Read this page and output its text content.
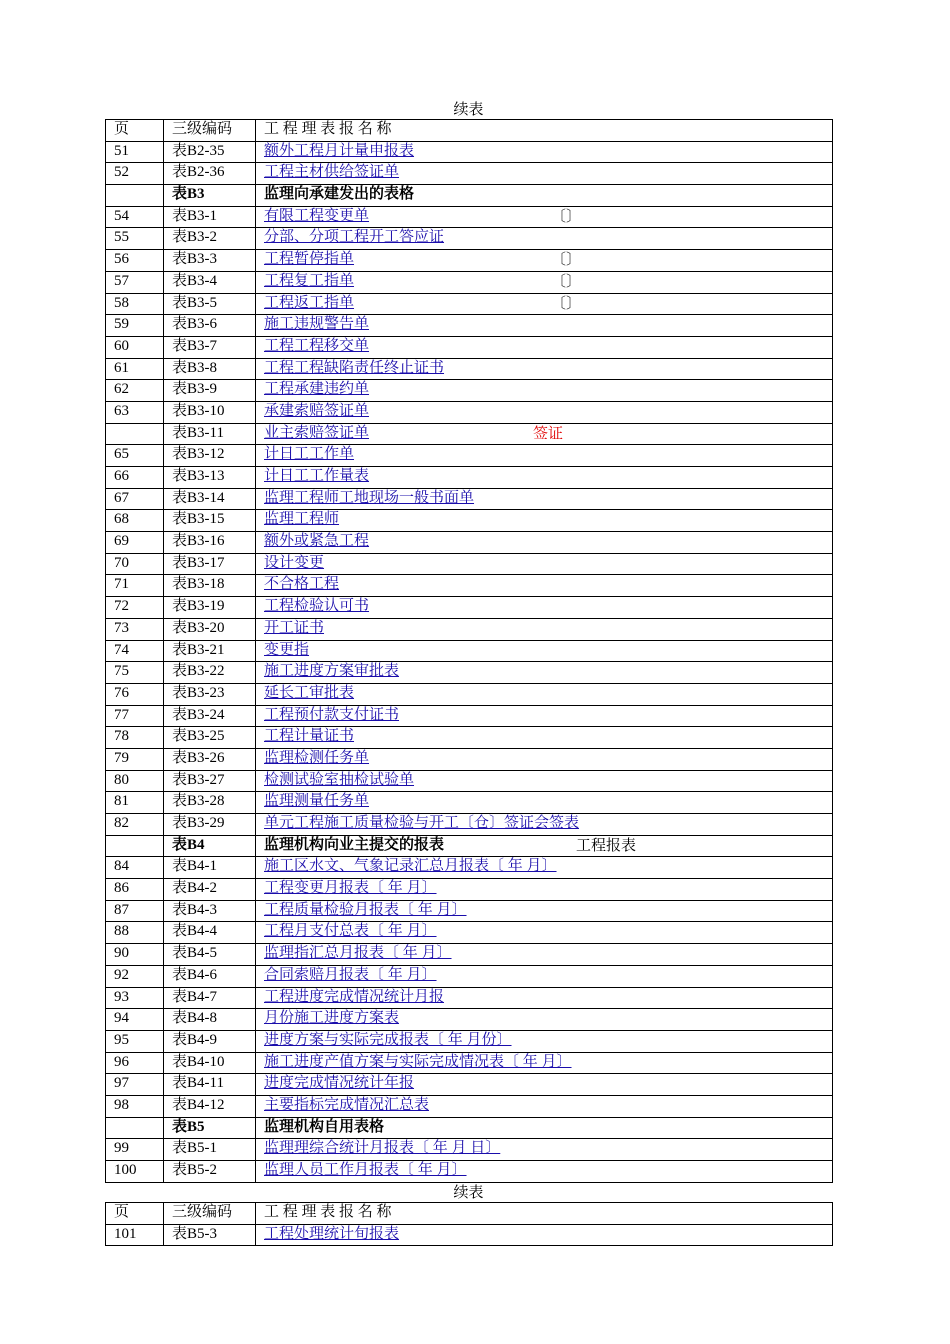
续表
页	三级编码	工 程 理 表 报 名 称
51	表B2-35	额外工程月计量申报表
52	表B2-36	工程主材供给签证单
	表B3	监理向承建发出的表格
54	表B3-1	有限工程变更单 〔〕

55	表B3-2	分部、分项工程开工答应证
56	表B3-3	工程暂停指单 〔〕

57	表B3-4	工程复工指单 〔〕

58	表B3-5	工程返工指单 〔〕

59	表B3-6	施工违规警告单
60	表B3-7	工程工程移交单
61	表B3-8	工程工程缺陷责任终止证书
62	表B3-9	工程承建违约单
63	表B3-10	承建索赔签证单
	表B3-11	业主索赔签证单 签证

65	表B3-12	计日工工作单
66	表B3-13	计日工工作量表
67	表B3-14	监理工程师工地现场一般书面单
68	表B3-15	监理工程师
69	表B3-16	额外或紧急工程
70	表B3-17	设计变更
71	表B3-18	不合格工程
72	表B3-19	工程检验认可书
73	表B3-20	开工证书
74	表B3-21	变更指
75	表B3-22	施工进度方案审批表
76	表B3-23	延长工审批表
77	表B3-24	工程预付款支付证书
78	表B3-25	工程计量证书
79	表B3-26	监理检测任务单
80	表B3-27	检测试验室抽检试验单
81	表B3-28	监理测量任务单
82	表B3-29	单元工程施工质量检验与开工〔仓〕签证会签表
	表B4	监理机构向业主提交的报表 工程报表

84	表B4-1	施工区水文、气象记录汇总月报表〔 年 月〕
86	表B4-2	工程变更月报表〔 年 月〕
87	表B4-3	工程质量检验月报表〔 年 月〕
88	表B4-4	工程月支付总表〔 年 月〕
90	表B4-5	监理指汇总月报表〔 年 月〕
92	表B4-6	合同索赔月报表〔 年 月〕
93	表B4-7	工程进度完成情况统计月报
94	表B4-8	月份施工进度方案表
95	表B4-9	进度方案与实际完成报表〔 年 月份〕
96	表B4-10	施工进度产值方案与实际完成情况表〔 年 月〕
97	表B4-11	进度完成情况统计年报
98	表B4-12	主要指标完成情况汇总表
	表B5	监理机构自用表格
99	表B5-1	监理理综合统计月报表〔 年 月 日〕
100	表B5-2	监理人员工作月报表〔 年 月〕
续表
页	三级编码	工 程 理 表 报 名 称
101	表B5-3	工程处理统计旬报表
